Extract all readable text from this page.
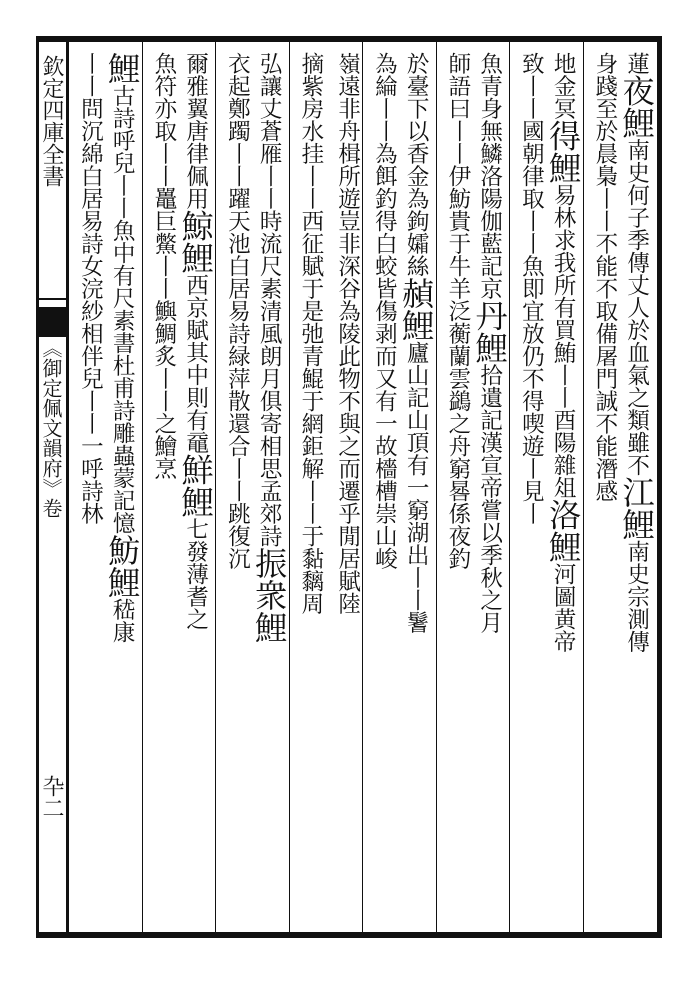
欽定四庫全書
《御定佩文韻府》卷
卆二
蓮夜鯉南史何子季傳丈人於血氣之類雖不江鯉南史宗測傳
身踐至於晨梟丨丨不能不取備屠門誠不能潛感
地金冥得鯉易林求我所有買鮪丨丨酉陽雜俎洛鯉河圖黄帝
致丨丨國朝律取丨丨魚即宜放仍不得喫遊丨見丨
魚青身無鱗洛陽伽藍記京丹鯉拾遺記漢宣帝嘗以季秋之月
師語曰丨丨伊魴貴于牛羊泛蘅蘭雲鷁之舟窮晷係夜釣
於臺下以香金為鉤孀絲赬鯉廬山記山頂有一窮湖出丨丨鬐
為綸丨丨為餌釣得白蛟皆傷剥而又有一故檣槽崇山峻
嶺遠非舟楫所遊豈非深谷為陵此物不與之而遷乎閒居賦陸
摘紫房水挂丨丨西征賦于是弛青鯤于網鉅解丨丨于黏黐周
弘讓丈蒼雁丨丨時流尺素清風朗月俱寄相思孟郊詩振衆鯉
衣起鄭躅丨丨躍天池白居易詩緑萍散還合丨丨跳復沉
爾雅翼唐律佩用鯨鯉西京賦其中則有黿鮮鯉七發薄耆之
魚符亦取丨丨鼉巨鱉丨丨鱮鯛炙丨丨之鱠烹
鯉古詩呼兒丨丨魚中有尺素書杜甫詩雕蟲蒙記憶魴鯉嵇康
丨丨問沉綿白居易詩女浣紗相伴兒丨丨一呼詩林
